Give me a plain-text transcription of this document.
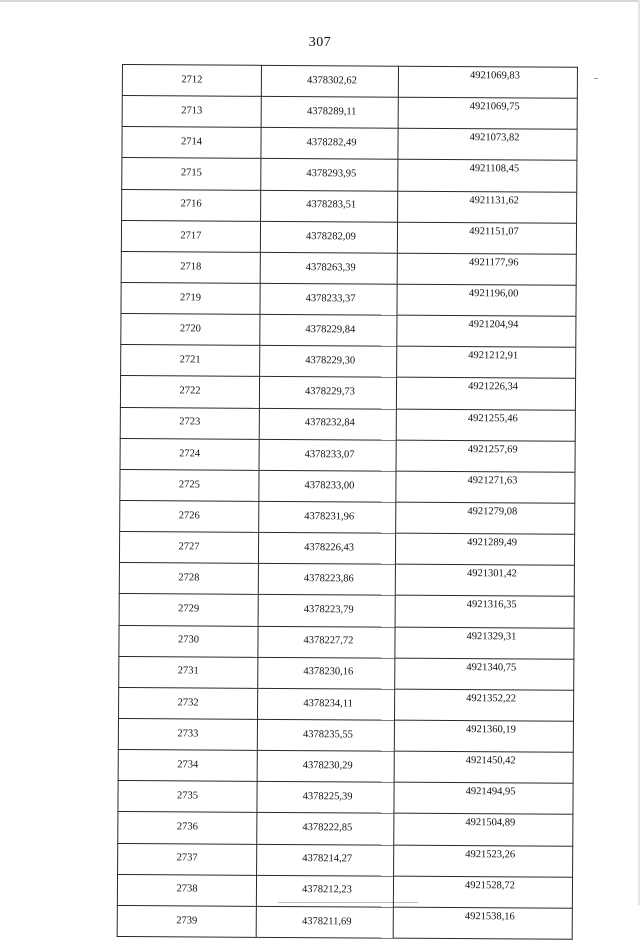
307
2712	4378302,62	4921069,83
2713	4378289,11	4921069,75
2714	4378282,49	4921073,82
2715	4378293,95	4921108,45
2716	4378283,51	4921131,62
2717	4378282,09	4921151,07
2718	4378263,39	4921177,96
2719	4378233,37	4921196,00
2720	4378229,84	4921204,94
2721	4378229,30	4921212,91
2722	4378229,73	4921226,34
2723	4378232,84	4921255,46
2724	4378233,07	4921257,69
2725	4378233,00	4921271,63
2726	4378231,96	4921279,08
2727	4378226,43	4921289,49
2728	4378223,86	4921301,42
2729	4378223,79	4921316,35
2730	4378227,72	4921329,31
2731	4378230,16	4921340,75
2732	4378234,11	4921352,22
2733	4378235,55	4921360,19
2734	4378230,29	4921450,42
2735	4378225,39	4921494,95
2736	4378222,85	4921504,89
2737	4378214,27	4921523,26
2738	4378212,23	4921528,72
2739	4378211,69	4921538,16
